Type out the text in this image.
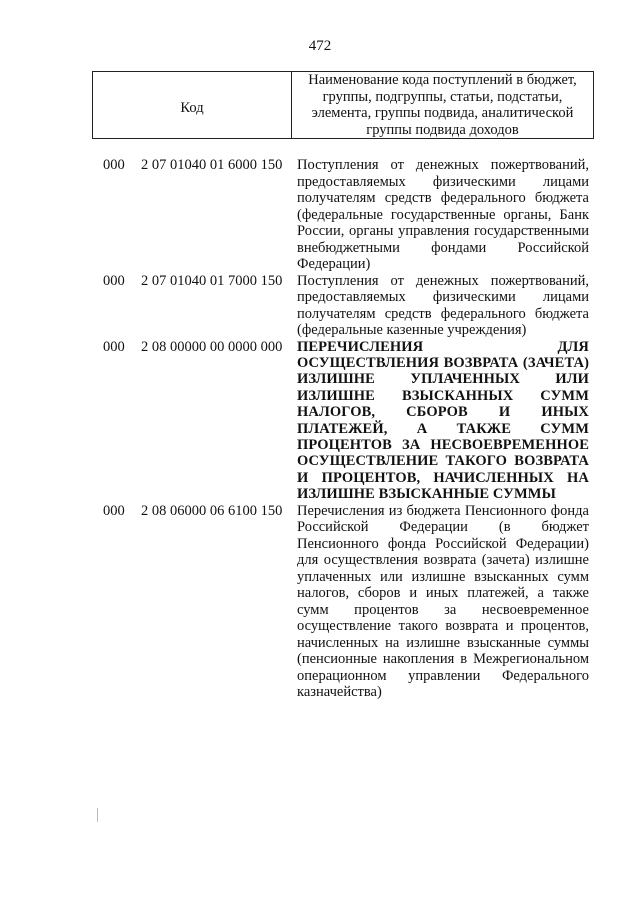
472
Код
Наименование кода поступлений в бюджет, группы, подгруппы, статьи, подстатьи, элемента, группы подвида, аналитической группы подвида доходов
000 2 07 01040 01 6000 150 Поступления от денежных пожертвований, предоставляемых физическими лицами получателям средств федерального бюджета (федеральные государственные органы, Банк России, органы управления государственными внебюджетными фондами Российской Федерации)
000 2 07 01040 01 7000 150 Поступления от денежных пожертвований, предоставляемых физическими лицами получателям средств федерального бюджета (федеральные казенные учреждения)
000 2 08 00000 00 0000 000 ПЕРЕЧИСЛЕНИЯ ДЛЯ ОСУЩЕСТВЛЕНИЯ ВОЗВРАТА (ЗАЧЕТА) ИЗЛИШНЕ УПЛАЧЕННЫХ ИЛИ ИЗЛИШНЕ ВЗЫСКАННЫХ СУММ НАЛОГОВ, СБОРОВ И ИНЫХ ПЛАТЕЖЕЙ, А ТАКЖЕ СУММ ПРОЦЕНТОВ ЗА НЕСВОЕВРЕМЕННОЕ ОСУЩЕСТВЛЕНИЕ ТАКОГО ВОЗВРАТА И ПРОЦЕНТОВ, НАЧИСЛЕННЫХ НА ИЗЛИШНЕ ВЗЫСКАННЫЕ СУММЫ
000 2 08 06000 06 6100 150 Перечисления из бюджета Пенсионного фонда Российской Федерации (в бюджет Пенсионного фонда Российской Федерации) для осуществления возврата (зачета) излишне уплаченных или излишне взысканных сумм налогов, сборов и иных платежей, а также сумм процентов за несвоевременное осуществление такого возврата и процентов, начисленных на излишне взысканные суммы (пенсионные накопления в Межрегиональном операционном управлении Федерального казначейства)
